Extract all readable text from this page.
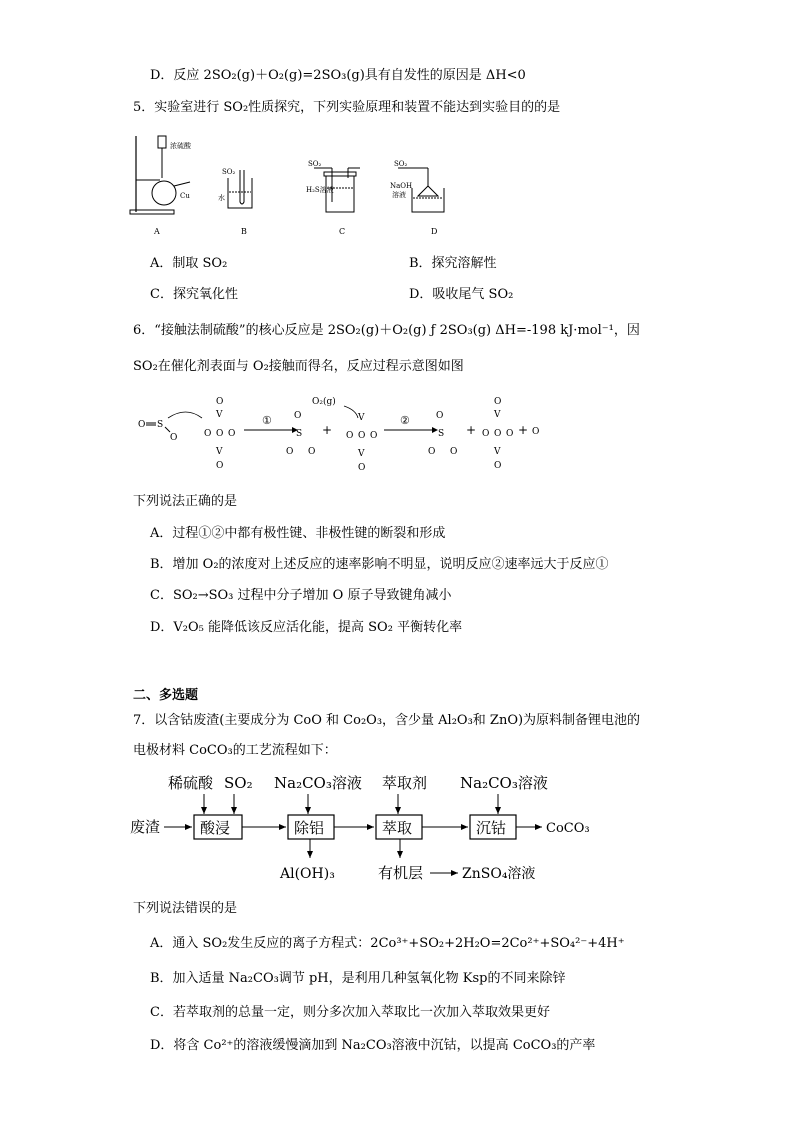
D．反应 2SO₂(g)＋O₂(g)=2SO₃(g)具有自发性的原因是 ΔH<0
5．实验室进行 SO₂性质探究，下列实验原理和装置不能达到实验目的的是
浓硫酸
Cu
A
SO₂
水
B
SO₂
H₂S溶液
C
SO₂
NaOH
溶液
D
A．制取 SO₂	B．探究溶解性
C．探究氧化性	D．吸收尾气 SO₂
6．“接触法制硫酸”的核心反应是 2SO₂(g)＋O₂(g) ƒ 2SO₃(g) ΔH=-198 kJ·mol⁻¹，因
SO₂在催化剂表面与 O₂接触而得名，反应过程示意图如图
O S
O
O
V
O O O
V
O
① O
S
O O
+
O₂(g)
V
O O O
V
O
②	O
S
O O
+
O
V
O O O
V
O
+ O
下列说法正确的是
A．过程①②中都有极性键、非极性键的断裂和形成
B．增加 O₂的浓度对上述反应的速率影响不明显，说明反应②速率远大于反应①
C．SO₂→SO₃ 过程中分子增加 O 原子导致键角减小
D．V₂O₅ 能降低该反应活化能，提高 SO₂ 平衡转化率
二、多选题
7．以含钴废渣(主要成分为 CoO 和 Co₂O₃，含少量 Al₂O₃和 ZnO)为原料制备锂电池的
电极材料 CoCO₃的工艺流程如下：
稀硫酸 SO₂ Na₂CO₃溶液 萃取剂 Na₂CO₃溶液
废渣	酸浸	除铝	萃取	沉钴	CoCO₃
Al(OH)₃	有机层	ZnSO₄溶液
下列说法错误的是
A．通入 SO₂发生反应的离子方程式：2Co³⁺+SO₂+2H₂O=2Co²⁺+SO₄²⁻+4H⁺
B．加入适量 Na₂CO₃调节 pH，是利用几种氢氧化物 Ksp的不同来除锌
C．若萃取剂的总量一定，则分多次加入萃取比一次加入萃取效果更好
D．将含 Co²⁺的溶液缓慢滴加到 Na₂CO₃溶液中沉钴，以提高 CoCO₃的产率
